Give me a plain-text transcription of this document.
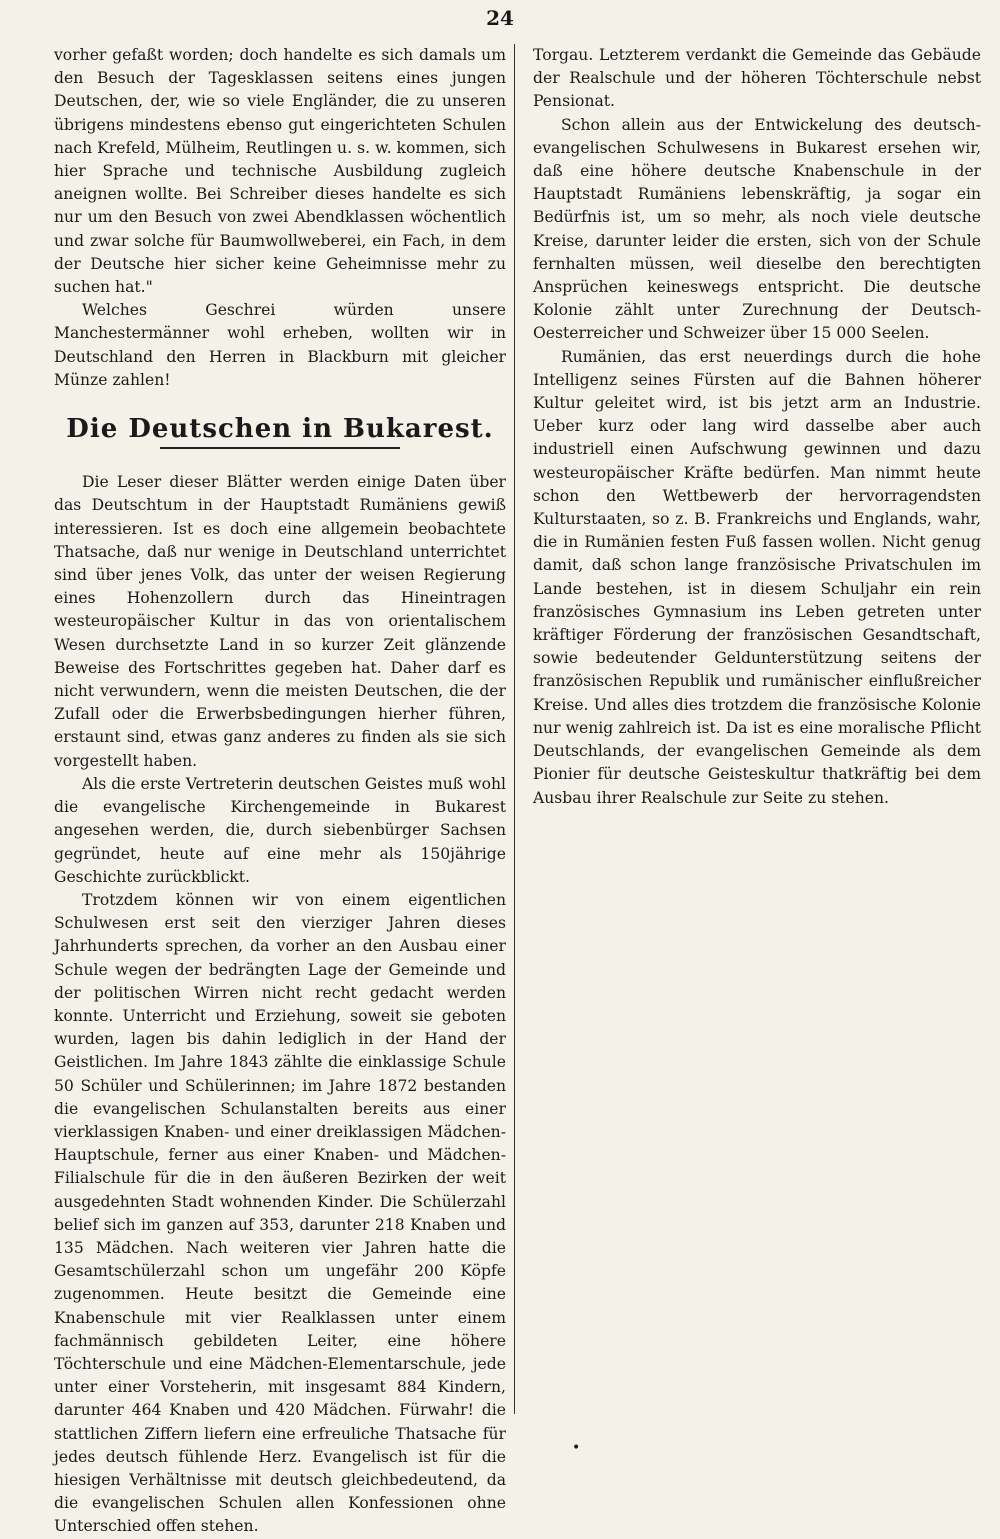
24

vorher gefaßt worden; doch handelte es sich damals um den Besuch der Tagesklassen seitens eines jungen Deutschen, der, wie so viele Engländer, die zu unseren übrigens mindestens ebenso gut eingerichteten Schulen nach Krefeld, Mülheim, Reutlingen u. s. w. kommen, sich hier Sprache und technische Ausbildung zugleich aneignen wollte. Bei Schreiber dieses handelte es sich nur um den Besuch von zwei Abendklassen wöchentlich und zwar solche für Baumwollweberei, ein Fach, in dem der Deutsche hier sicher keine Geheimnisse mehr zu suchen hat."

Welches Geschrei würden unsere Manchestermänner wohl erheben, wollten wir in Deutschland den Herren in Blackburn mit gleicher Münze zahlen!

Die Deutschen in Bukarest.

Die Leser dieser Blätter werden einige Daten über das Deutschtum in der Hauptstadt Rumäniens gewiß interessieren. Ist es doch eine allgemein beobachtete Thatsache, daß nur wenige in Deutschland unterrichtet sind über jenes Volk, das unter der weisen Regierung eines Hohenzollern durch das Hineintragen westeuropäischer Kultur in das von orientalischem Wesen durchsetzte Land in so kurzer Zeit glänzende Beweise des Fortschrittes gegeben hat. Daher darf es nicht verwundern, wenn die meisten Deutschen, die der Zufall oder die Erwerbsbedingungen hierher führen, erstaunt sind, etwas ganz anderes zu finden als sie sich vorgestellt haben.

Als die erste Vertreterin deutschen Geistes muß wohl die evangelische Kirchengemeinde in Bukarest angesehen werden, die, durch siebenbürger Sachsen gegründet, heute auf eine mehr als 150jährige Geschichte zurückblickt.

Trotzdem können wir von einem eigentlichen Schulwesen erst seit den vierziger Jahren dieses Jahrhunderts sprechen, da vorher an den Ausbau einer Schule wegen der bedrängten Lage der Gemeinde und der politischen Wirren nicht recht gedacht werden konnte. Unterricht und Erziehung, soweit sie geboten wurden, lagen bis dahin lediglich in der Hand der Geistlichen. Im Jahre 1843 zählte die einklassige Schule 50 Schüler und Schülerinnen; im Jahre 1872 bestanden die evangelischen Schulanstalten bereits aus einer vierklassigen Knaben- und einer dreiklassigen Mädchen-Hauptschule, ferner aus einer Knaben- und Mädchen-Filialschule für die in den äußeren Bezirken der weit ausgedehnten Stadt wohnenden Kinder. Die Schülerzahl belief sich im ganzen auf 353, darunter 218 Knaben und 135 Mädchen. Nach weiteren vier Jahren hatte die Gesamtschülerzahl schon um ungefähr 200 Köpfe zugenommen. Heute besitzt die Gemeinde eine Knabenschule mit vier Realklassen unter einem fachmännisch gebildeten Leiter, eine höhere Töchterschule und eine Mädchen-Elementarschule, jede unter einer Vorsteherin, mit insgesamt 884 Kindern, darunter 464 Knaben und 420 Mädchen. Fürwahr! die stattlichen Ziffern liefern eine erfreuliche Thatsache für jedes deutsch fühlende Herz. Evangelisch ist für die hiesigen Verhältnisse mit deutsch gleichbedeutend, da die evangelischen Schulen allen Konfessionen ohne Unterschied offen stehen.

Torgau. Letzterem verdankt die Gemeinde das Gebäude der Realschule und der höheren Töchterschule nebst Pensionat.

Schon allein aus der Entwickelung des deutsch-evangelischen Schulwesens in Bukarest ersehen wir, daß eine höhere deutsche Knabenschule in der Hauptstadt Rumäniens lebenskräftig, ja sogar ein Bedürfnis ist, um so mehr, als noch viele deutsche Kreise, darunter leider die ersten, sich von der Schule fernhalten müssen, weil dieselbe den berechtigten Ansprüchen keineswegs entspricht. Die deutsche Kolonie zählt unter Zurechnung der Deutsch-Oesterreicher und Schweizer über 15 000 Seelen.

Rumänien, das erst neuerdings durch die hohe Intelligenz seines Fürsten auf die Bahnen höherer Kultur geleitet wird, ist bis jetzt arm an Industrie. Ueber kurz oder lang wird dasselbe aber auch industriell einen Aufschwung gewinnen und dazu westeuropäischer Kräfte bedürfen. Man nimmt heute schon den Wettbewerb der hervorragendsten Kulturstaaten, so z. B. Frankreichs und Englands, wahr, die in Rumänien festen Fuß fassen wollen. Nicht genug damit, daß schon lange französische Privatschulen im Lande bestehen, ist in diesem Schuljahr ein rein französisches Gymnasium ins Leben getreten unter kräftiger Förderung der französischen Gesandtschaft, sowie bedeutender Geldunterstützung seitens der französischen Republik und rumänischer einflußreicher Kreise. Und alles dies trotzdem die französische Kolonie nur wenig zahlreich ist. Da ist es eine moralische Pflicht Deutschlands, der evangelischen Gemeinde als dem Pionier für deutsche Geisteskultur thatkräftig bei dem Ausbau ihrer Realschule zur Seite zu stehen.

•
